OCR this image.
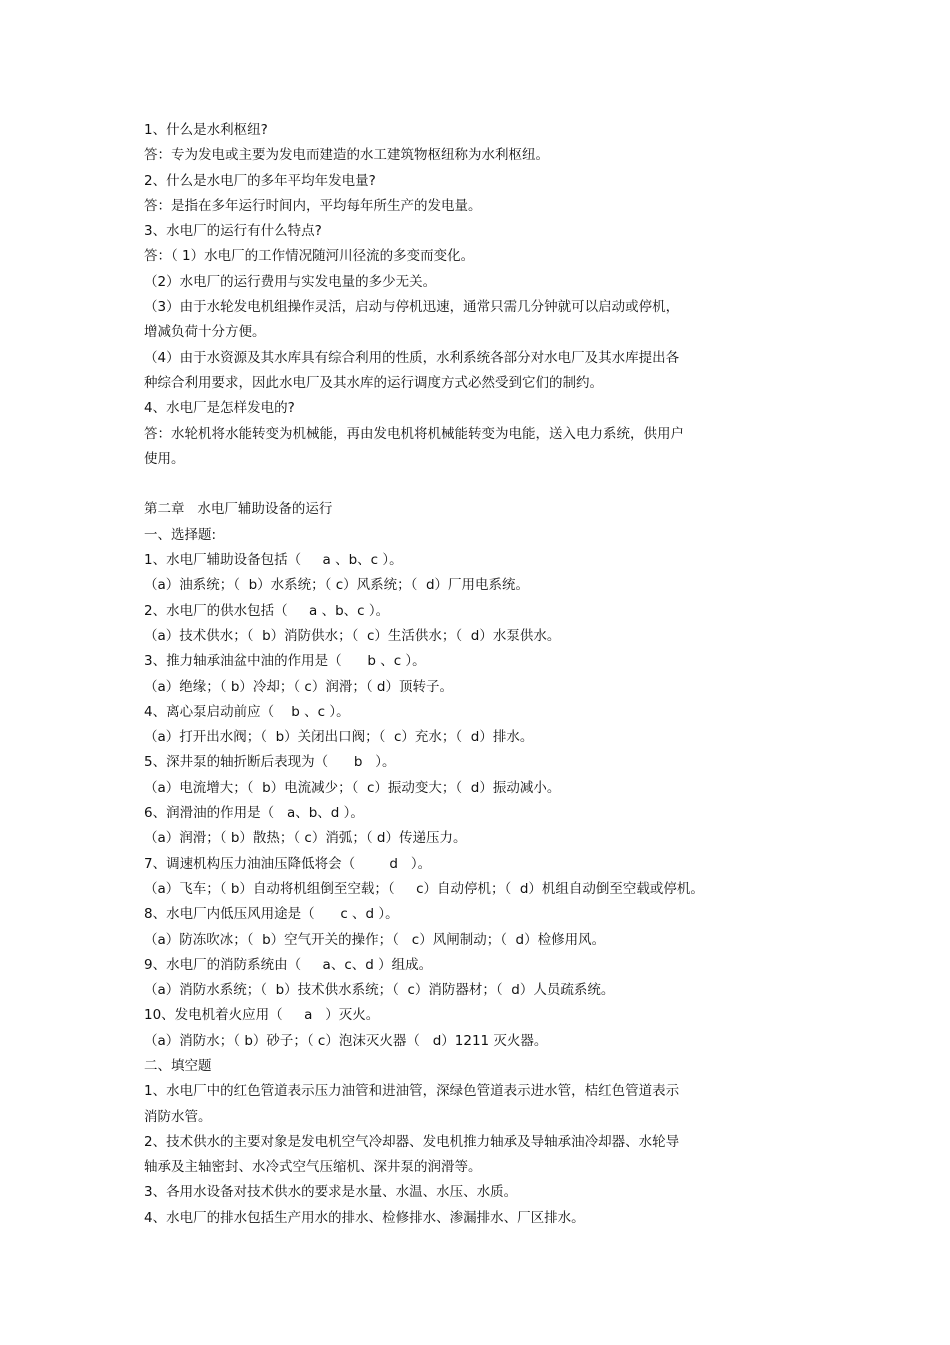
1、什么是水利枢纽?
答：专为发电或主要为发电而建造的水工建筑物枢纽称为水利枢纽。
2、什么是水电厂的多年平均年发电量?
答：是指在多年运行时间内，平均每年所生产的发电量。
3、水电厂的运行有什么特点?
答：（ 1）水电厂的工作情况随河川径流的多变而变化。
（2）水电厂的运行费用与实发电量的多少无关。
（3）由于水轮发电机组操作灵活，启动与停机迅速，通常只需几分钟就可以启动或停机，
增减负荷十分方便。
（4）由于水资源及其水库具有综合利用的性质，水利系统各部分对水电厂及其水库提出各
种综合利用要求，因此水电厂及其水库的运行调度方式必然受到它们的制约。
4、水电厂是怎样发电的?
答：水轮机将水能转变为机械能，再由发电机将机械能转变为电能，送入电力系统，供用户
使用。
第二章   水电厂辅助设备的运行
一、选择题:
1、水电厂辅助设备包括（     a 、b、c ）。
（a）油系统；（  b）水系统；（ c）风系统；（  d）厂用电系统。
2、水电厂的供水包括（     a 、b、c ）。
（a）技术供水；（  b）消防供水；（  c）生活供水；（  d）水泵供水。
3、推力轴承油盆中油的作用是（      b 、c ）。
（a）绝缘；（ b）冷却；（ c）润滑；（ d）顶转子。
4、离心泵启动前应（    b 、c ）。
（a）打开出水阀；（  b）关闭出口阀；（  c）充水；（  d）排水。
5、深井泵的轴折断后表现为（      b   ）。
（a）电流增大；（  b）电流减少；（  c）振动变大；（  d）振动减小。
6、润滑油的作用是（   a、b、d ）。
（a）润滑；（ b）散热；（ c）消弧；（ d）传递压力。
7、调速机构压力油油压降低将会（        d   ）。
（a）飞车；（ b）自动将机组倒至空载；（     c）自动停机；（  d）机组自动倒至空载或停机。
8、水电厂内低压风用途是（      c 、d ）。
（a）防冻吹冰；（  b）空气开关的操作；（   c）风闸制动；（  d）检修用风。
9、水电厂的消防系统由（     a、c、d ）组成。
（a）消防水系统；（  b）技术供水系统；（  c）消防器材；（  d）人员疏系统。
10、发电机着火应用（     a   ）灭火。
（a）消防水；（ b）砂子；（ c）泡沫灭火器（   d）1211 灭火器。
二、填空题
1、水电厂中的红色管道表示压力油管和进油管，深绿色管道表示进水管，桔红色管道表示
消防水管。
2、技术供水的主要对象是发电机空气冷却器、发电机推力轴承及导轴承油冷却器、水轮导
轴承及主轴密封、水冷式空气压缩机、深井泵的润滑等。
3、各用水设备对技术供水的要求是水量、水温、水压、水质。
4、水电厂的排水包括生产用水的排水、检修排水、渗漏排水、厂区排水。
